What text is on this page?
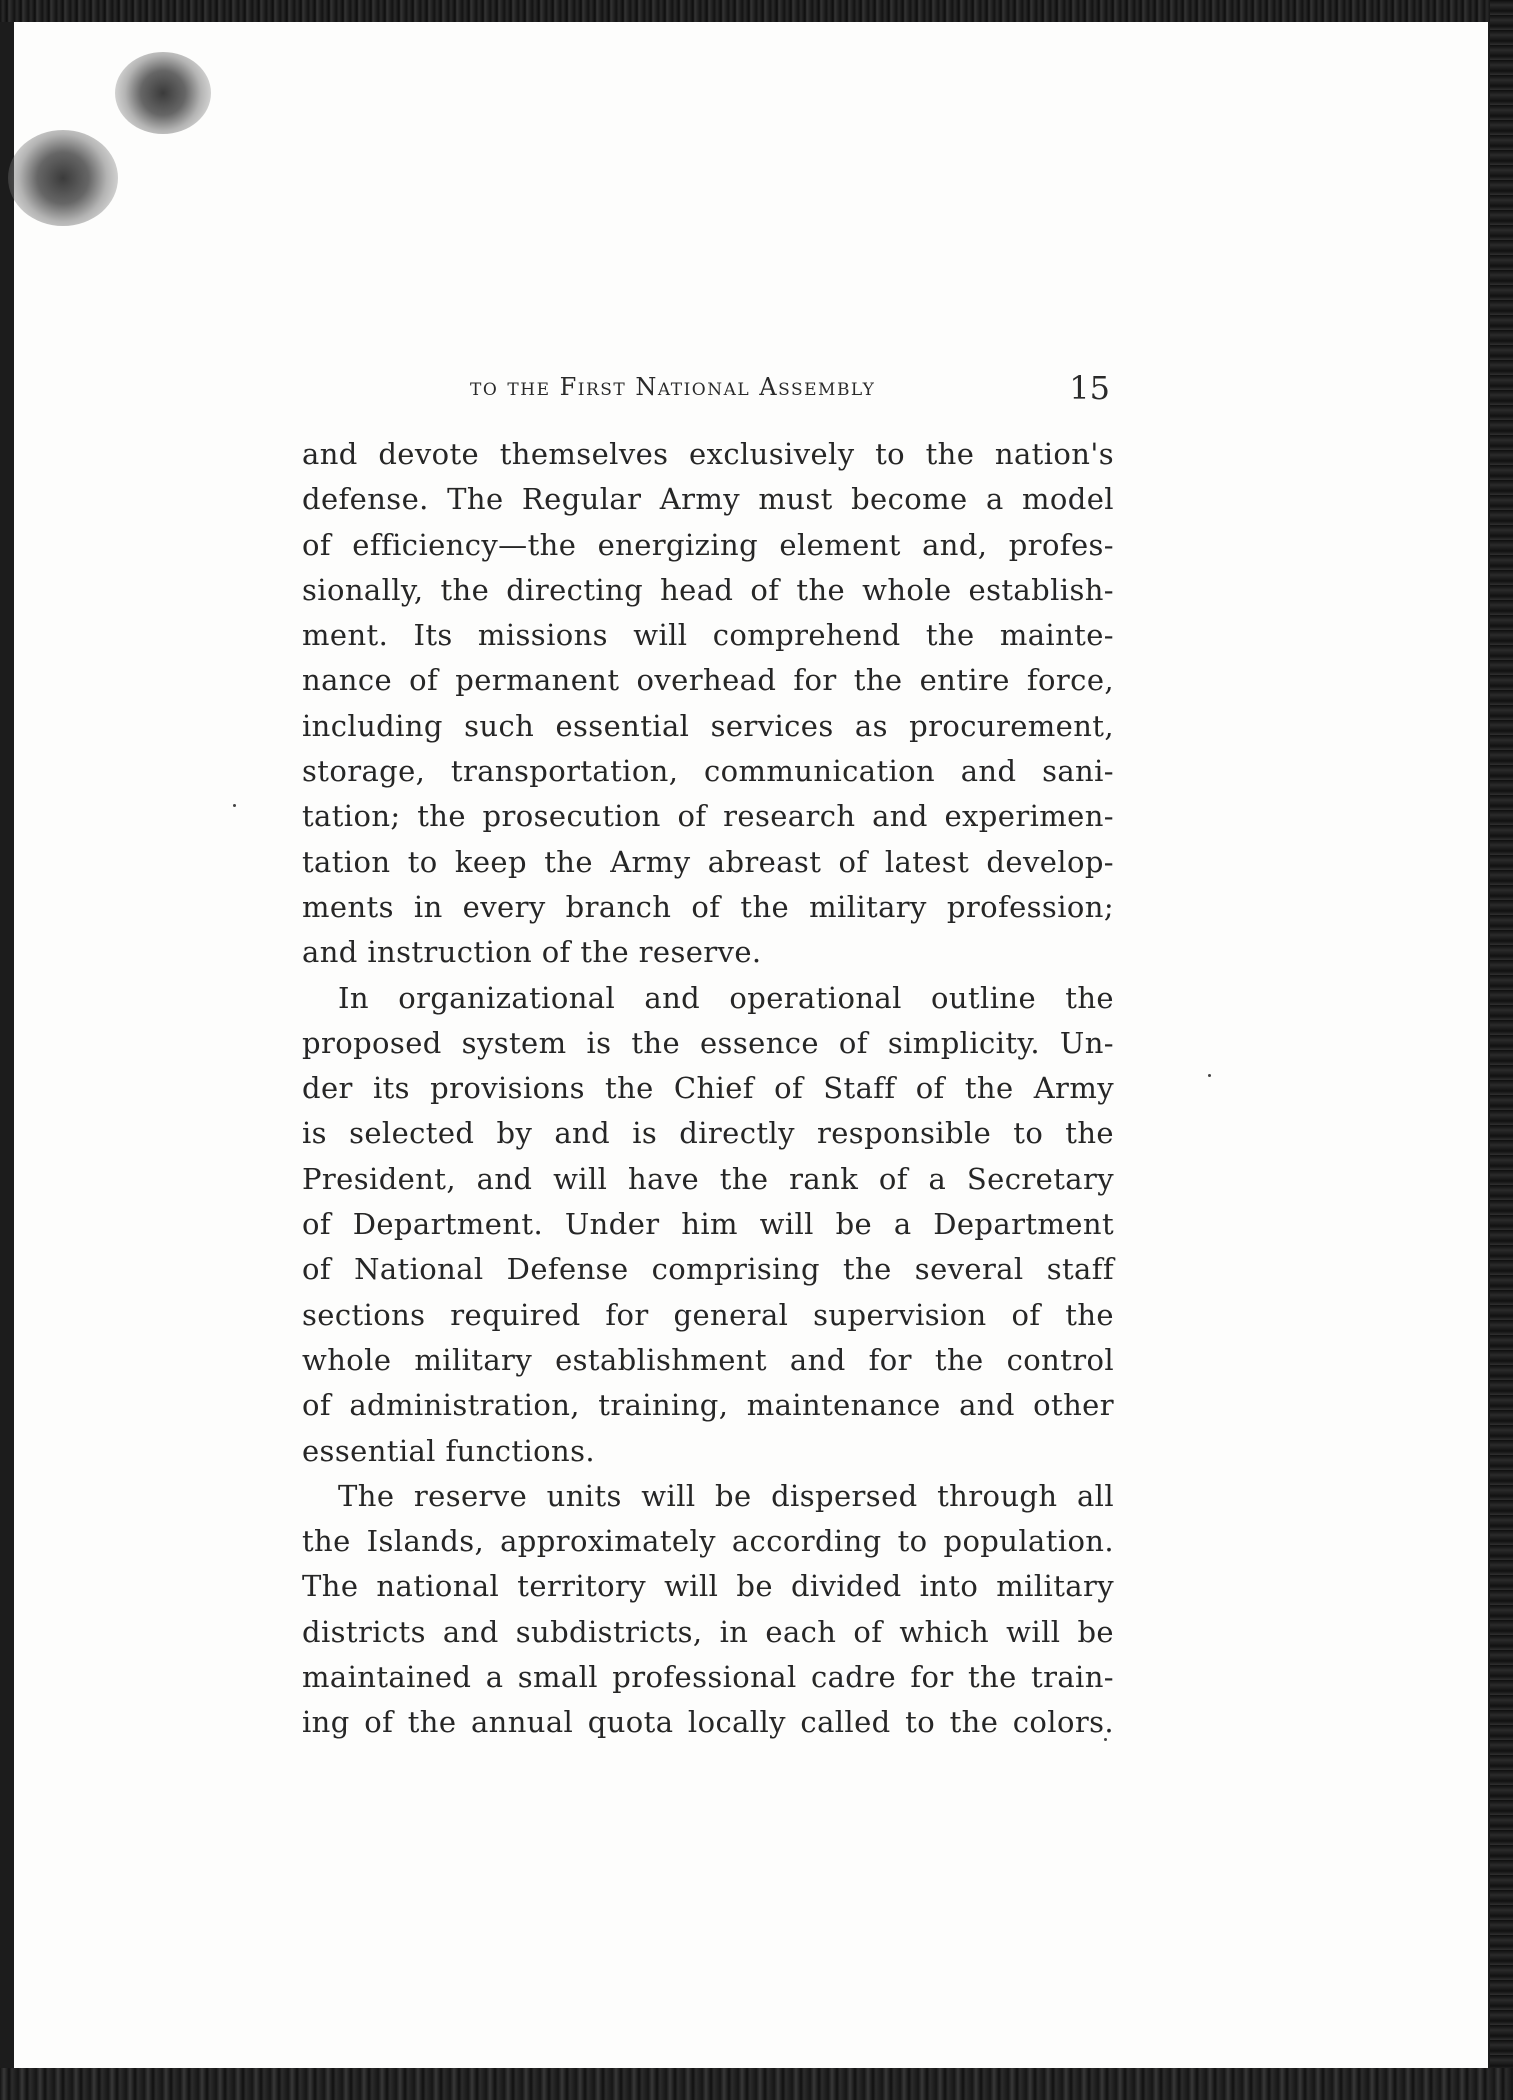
to the First National Assembly	15
and devote themselves exclusively to the nation's
defense. The Regular Army must become a model
of efficiency—the energizing element and, profes-
sionally, the directing head of the whole establish-
ment. Its missions will comprehend the mainte-
nance of permanent overhead for the entire force,
including such essential services as procurement,
storage, transportation, communication and sani-
tation; the prosecution of research and experimen-
tation to keep the Army abreast of latest develop-
ments in every branch of the military profession;
and instruction of the reserve.
In organizational and operational outline the
proposed system is the essence of simplicity. Un-
der its provisions the Chief of Staff of the Army
is selected by and is directly responsible to the
President, and will have the rank of a Secretary
of Department. Under him will be a Department
of National Defense comprising the several staff
sections required for general supervision of the
whole military establishment and for the control
of administration, training, maintenance and other
essential functions.
The reserve units will be dispersed through all
the Islands, approximately according to population.
The national territory will be divided into military
districts and subdistricts, in each of which will be
maintained a small professional cadre for the train-
ing of the annual quota locally called to the colors.
